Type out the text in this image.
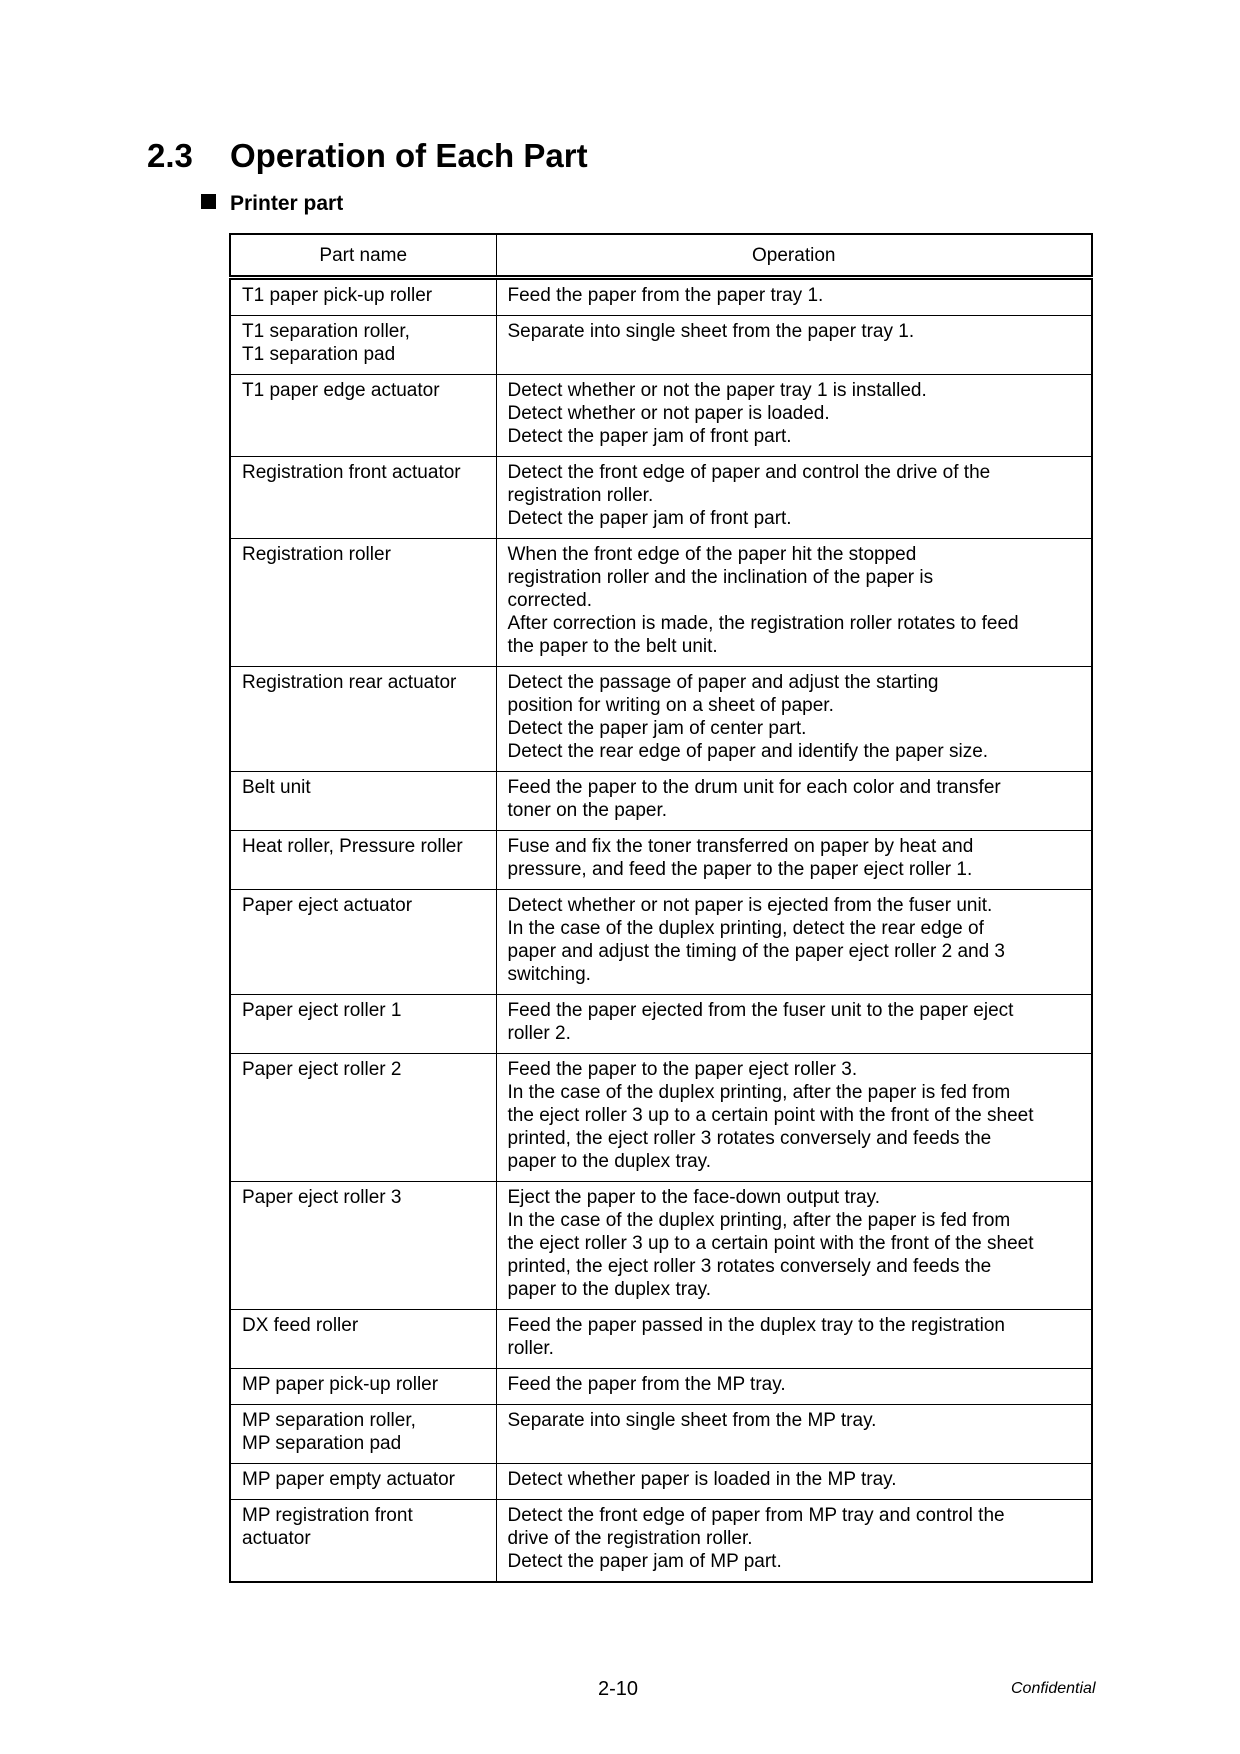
2.3 Operation of Each Part
Printer part
Part name	Operation
T1 paper pick-up roller	Feed the paper from the paper tray 1.
T1 separation roller,
T1 separation pad	Separate into single sheet from the paper tray 1.
T1 paper edge actuator	Detect whether or not the paper tray 1 is installed.
Detect whether or not paper is loaded.
Detect the paper jam of front part.
Registration front actuator	Detect the front edge of paper and control the drive of the
registration roller.
Detect the paper jam of front part.
Registration roller	When the front edge of the paper hit the stopped
registration roller and the inclination of the paper is
corrected.
After correction is made, the registration roller rotates to feed
the paper to the belt unit.
Registration rear actuator	Detect the passage of paper and adjust the starting
position for writing on a sheet of paper.
Detect the paper jam of center part.
Detect the rear edge of paper and identify the paper size.
Belt unit	Feed the paper to the drum unit for each color and transfer
toner on the paper.
Heat roller, Pressure roller	Fuse and fix the toner transferred on paper by heat and
pressure, and feed the paper to the paper eject roller 1.
Paper eject actuator	Detect whether or not paper is ejected from the fuser unit.
In the case of the duplex printing, detect the rear edge of
paper and adjust the timing of the paper eject roller 2 and 3
switching.
Paper eject roller 1	Feed the paper ejected from the fuser unit to the paper eject
roller 2.
Paper eject roller 2	Feed the paper to the paper eject roller 3.
In the case of the duplex printing, after the paper is fed from
the eject roller 3 up to a certain point with the front of the sheet
printed, the eject roller 3 rotates conversely and feeds the
paper to the duplex tray.
Paper eject roller 3	Eject the paper to the face-down output tray.
In the case of the duplex printing, after the paper is fed from
the eject roller 3 up to a certain point with the front of the sheet
printed, the eject roller 3 rotates conversely and feeds the
paper to the duplex tray.
DX feed roller	Feed the paper passed in the duplex tray to the registration
roller.
MP paper pick-up roller	Feed the paper from the MP tray.
MP separation roller,
MP separation pad	Separate into single sheet from the MP tray.
MP paper empty actuator	Detect whether paper is loaded in the MP tray.
MP registration front
actuator	Detect the front edge of paper from MP tray and control the
drive of the registration roller.
Detect the paper jam of MP part.
2-10	Confidential
